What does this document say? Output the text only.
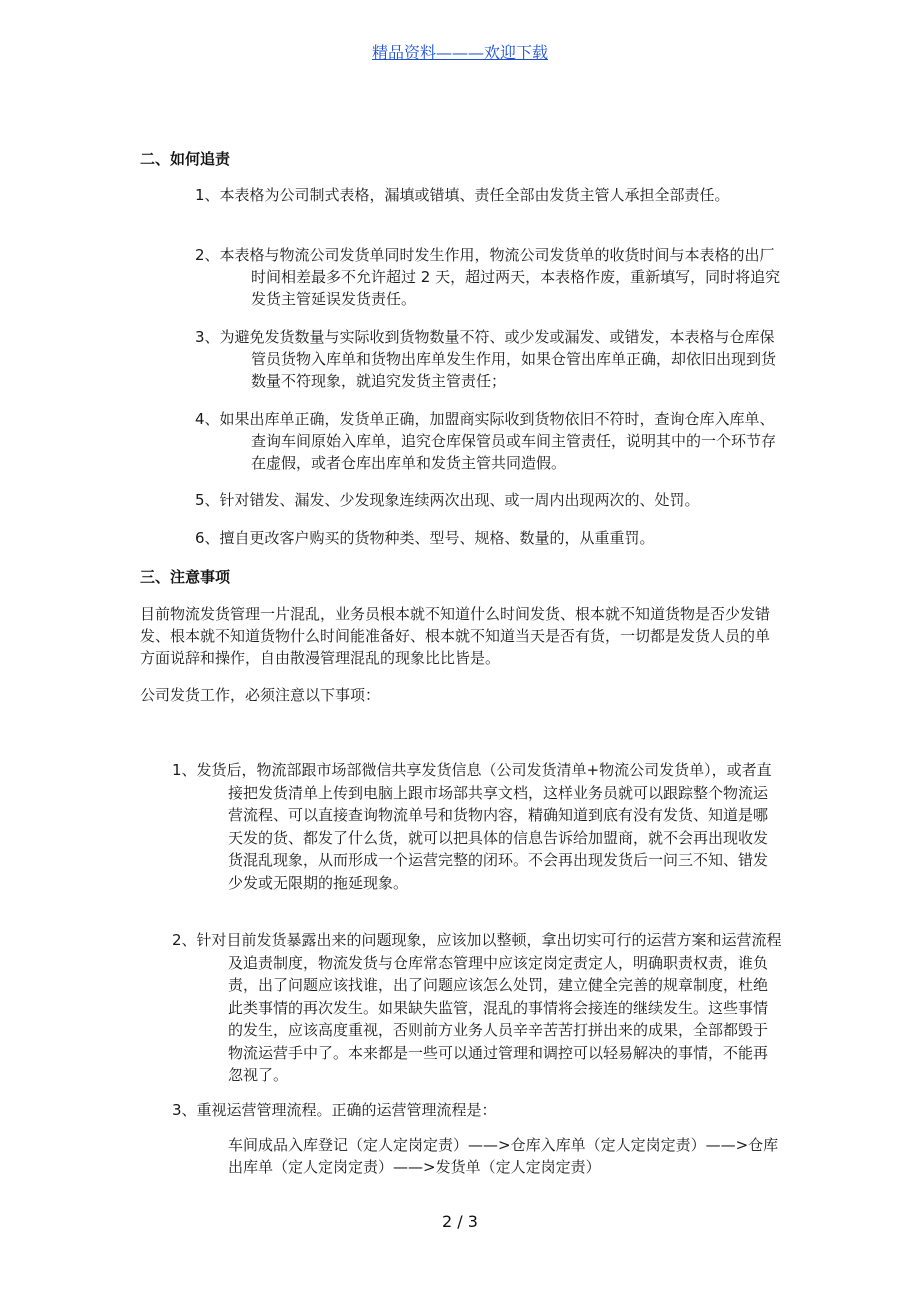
精品资料———欢迎下载
二、如何追责
1、本表格为公司制式表格，漏填或错填、责任全部由发货主管人承担全部责任。
2、本表格与物流公司发货单同时发生作用，物流公司发货单的收货时间与本表格的出厂时间相差最多不允许超过 2 天，超过两天，本表格作废，重新填写，同时将追究发货主管延误发货责任。
3、为避免发货数量与实际收到货物数量不符、或少发或漏发、或错发，本表格与仓库保管员货物入库单和货物出库单发生作用，如果仓管出库单正确，却依旧出现到货数量不符现象，就追究发货主管责任；
4、如果出库单正确，发货单正确，加盟商实际收到货物依旧不符时，查询仓库入库单、查询车间原始入库单，追究仓库保管员或车间主管责任，说明其中的一个环节存在虚假，或者仓库出库单和发货主管共同造假。
5、针对错发、漏发、少发现象连续两次出现、或一周内出现两次的、处罚。
6、擅自更改客户购买的货物种类、型号、规格、数量的，从重重罚。
三、注意事项
目前物流发货管理一片混乱，业务员根本就不知道什么时间发货、根本就不知道货物是否少发错发、根本就不知道货物什么时间能准备好、根本就不知道当天是否有货，一切都是发货人员的单方面说辞和操作，自由散漫管理混乱的现象比比皆是。
公司发货工作，必须注意以下事项：
1、发货后，物流部跟市场部微信共享发货信息（公司发货清单+物流公司发货单），或者直接把发货清单上传到电脑上跟市场部共享文档，这样业务员就可以跟踪整个物流运营流程、可以直接查询物流单号和货物内容，精确知道到底有没有发货、知道是哪天发的货、都发了什么货，就可以把具体的信息告诉给加盟商，就不会再出现收发货混乱现象，从而形成一个运营完整的闭环。不会再出现发货后一问三不知、错发少发或无限期的拖延现象。
2、针对目前发货暴露出来的问题现象，应该加以整顿，拿出切实可行的运营方案和运营流程及追责制度，物流发货与仓库常态管理中应该定岗定责定人，明确职责权责，谁负责，出了问题应该找谁，出了问题应该怎么处罚，建立健全完善的规章制度，杜绝此类事情的再次发生。如果缺失监管，混乱的事情将会接连的继续发生。这些事情的发生，应该高度重视，否则前方业务人员辛辛苦苦打拼出来的成果，全部都毁于物流运营手中了。本来都是一些可以通过管理和调控可以轻易解决的事情，不能再忽视了。
3、重视运营管理流程。正确的运营管理流程是：
车间成品入库登记（定人定岗定责）——>仓库入库单（定人定岗定责）——>仓库出库单（定人定岗定责）——>发货单（定人定岗定责）
2 / 3
